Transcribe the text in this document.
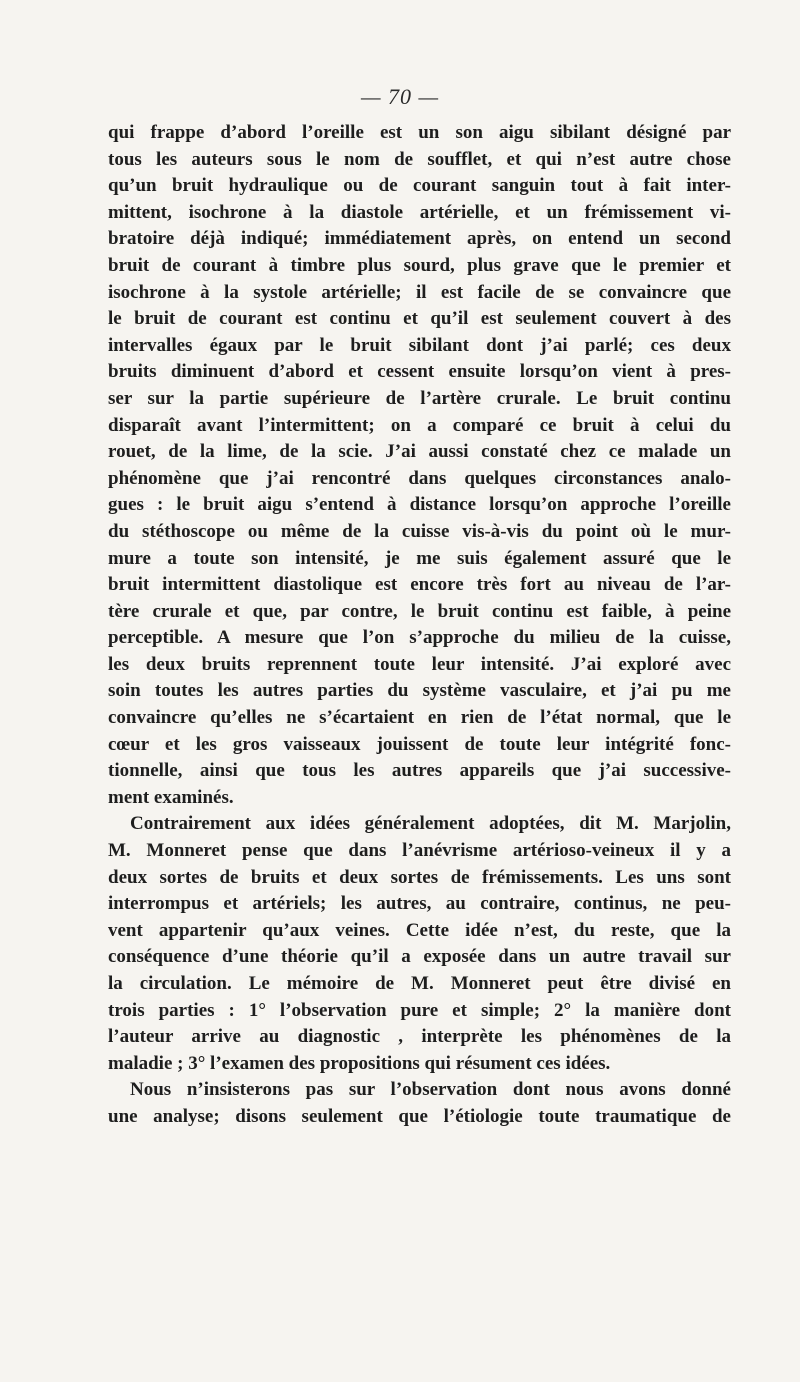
— 70 —
qui frappe d’abord l’oreille est un son aigu sibilant désigné par
tous les auteurs sous le nom de soufflet, et qui n’est autre chose
qu’un bruit hydraulique ou de courant sanguin tout à fait inter-
mittent, isochrone à la diastole artérielle, et un frémissement vi-
bratoire déjà indiqué; immédiatement après, on entend un second
bruit de courant à timbre plus sourd, plus grave que le premier et
isochrone à la systole artérielle; il est facile de se convaincre que
le bruit de courant est continu et qu’il est seulement couvert à des
intervalles égaux par le bruit sibilant dont j’ai parlé; ces deux
bruits diminuent d’abord et cessent ensuite lorsqu’on vient à pres-
ser sur la partie supérieure de l’artère crurale. Le bruit continu
disparaît avant l’intermittent; on a comparé ce bruit à celui du
rouet, de la lime, de la scie. J’ai aussi constaté chez ce malade un
phénomène que j’ai rencontré dans quelques circonstances analo-
gues : le bruit aigu s’entend à distance lorsqu’on approche l’oreille
du stéthoscope ou même de la cuisse vis-à-vis du point où le mur-
mure a toute son intensité, je me suis également assuré que le
bruit intermittent diastolique est encore très fort au niveau de l’ar-
tère crurale et que, par contre, le bruit continu est faible, à peine
perceptible. A mesure que l’on s’approche du milieu de la cuisse,
les deux bruits reprennent toute leur intensité. J’ai exploré avec
soin toutes les autres parties du système vasculaire, et j’ai pu me
convaincre qu’elles ne s’écartaient en rien de l’état normal, que le
cœur et les gros vaisseaux jouissent de toute leur intégrité fonc-
tionnelle, ainsi que tous les autres appareils que j’ai successive-
ment examinés.
Contrairement aux idées généralement adoptées, dit M. Marjolin,
M. Monneret pense que dans l’anévrisme artérioso-veineux il y a
deux sortes de bruits et deux sortes de frémissements. Les uns sont
interrompus et artériels; les autres, au contraire, continus, ne peu-
vent appartenir qu’aux veines. Cette idée n’est, du reste, que la
conséquence d’une théorie qu’il a exposée dans un autre travail sur
la circulation. Le mémoire de M. Monneret peut être divisé en
trois parties : 1° l’observation pure et simple; 2° la manière dont
l’auteur arrive au diagnostic , interprète les phénomènes de la
maladie ; 3° l’examen des propositions qui résument ces idées.
Nous n’insisterons pas sur l’observation dont nous avons donné
une analyse; disons seulement que l’étiologie toute traumatique de
